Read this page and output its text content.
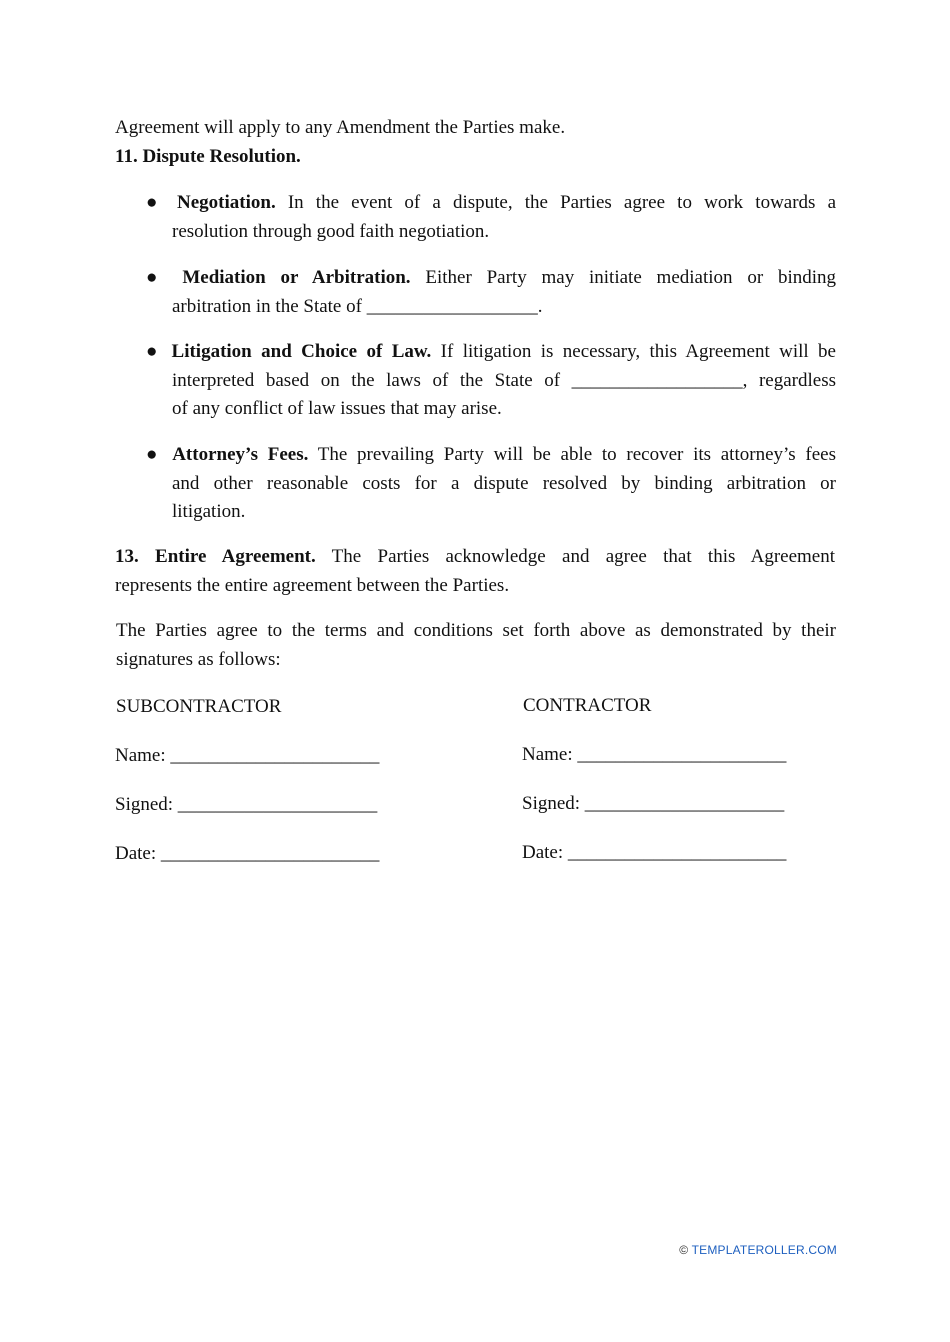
Agreement will apply to any Amendment the Parties make.
11. Dispute Resolution.
● Negotiation. In the event of a dispute, the Parties agree to work towards a
resolution through good faith negotiation.
● Mediation or Arbitration. Either Party may initiate mediation or binding
arbitration in the State of __________________.
● Litigation and Choice of Law. If litigation is necessary, this Agreement will be
interpreted based on the laws of the State of __________________, regardless
of any conflict of law issues that may arise.
● Attorney’s Fees. The prevailing Party will be able to recover its attorney’s fees
and other reasonable costs for a dispute resolved by binding arbitration or
litigation.
13. Entire Agreement. The Parties acknowledge and agree that this Agreement
represents the entire agreement between the Parties.
The Parties agree to the terms and conditions set forth above as demonstrated by their
signatures as follows:
SUBCONTRACTOR
Name: ______________________
Signed: _____________________
Date: _______________________
CONTRACTOR
Name: ______________________
Signed: _____________________
Date: _______________________
© TEMPLATEROLLER.COM
